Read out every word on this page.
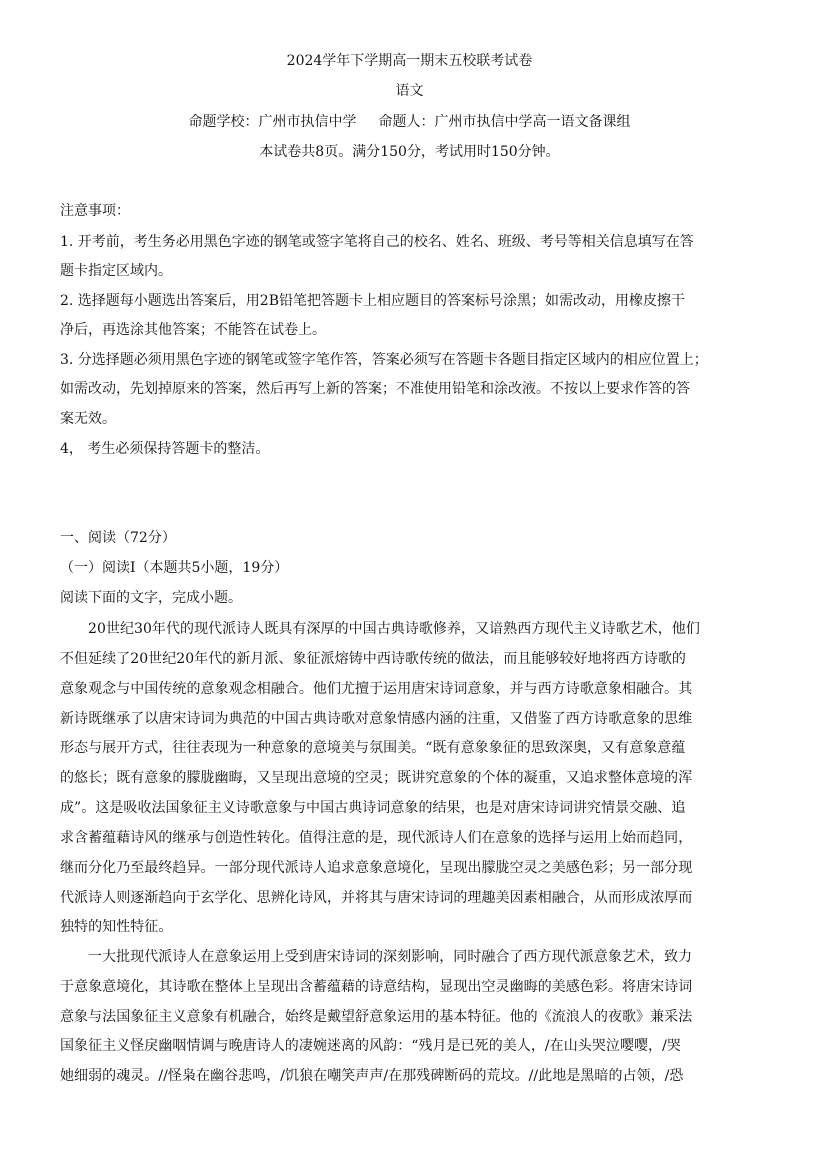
2024学年下学期高一期末五校联考试卷
语文
命题学校：广州市执信中学 命题人：广州市执信中学高一语文备课组
本试卷共8页。满分150分，考试用时150分钟。
注意事项：
1. 开考前，考生务必用黑色字迹的钢笔或签字笔将自己的校名、姓名、班级、考号等相关信息填写在答
题卡指定区域内。
2. 选择题每小题选出答案后，用2B铅笔把答题卡上相应题目的答案标号涂黑；如需改动，用橡皮擦干
净后，再选涂其他答案；不能答在试卷上。
3. 分选择题必须用黑色字迹的钢笔或签字笔作答，答案必须写在答题卡各题目指定区域内的相应位置上；
如需改动，先划掉原来的答案，然后再写上新的答案；不准使用铅笔和涂改液。不按以上要求作答的答
案无效。
4， 考生必须保持答题卡的整洁。
一、阅读（72分）
（一）阅读Ⅰ（本题共5小题，19分）
阅读下面的文字，完成小题。
20世纪30年代的现代派诗人既具有深厚的中国古典诗歌修养，又谙熟西方现代主义诗歌艺术，他们
不但延续了20世纪20年代的新月派、象征派熔铸中西诗歌传统的做法，而且能够较好地将西方诗歌的
意象观念与中国传统的意象观念相融合。他们尤擅于运用唐宋诗词意象，并与西方诗歌意象相融合。其
新诗既继承了以唐宋诗词为典范的中国古典诗歌对意象情感内涵的注重，又借鉴了西方诗歌意象的思维
形态与展开方式，往往表现为一种意象的意境美与氛围美。“既有意象象征的思致深奥，又有意象意蕴
的悠长；既有意象的朦胧幽晦，又呈现出意境的空灵；既讲究意象的个体的凝重，又追求整体意境的浑
成”。这是吸收法国象征主义诗歌意象与中国古典诗词意象的结果，也是对唐宋诗词讲究情景交融、追
求含蓄蕴藉诗风的继承与创造性转化。值得注意的是，现代派诗人们在意象的选择与运用上始而趋同，
继而分化乃至最终趋异。一部分现代派诗人追求意象意境化，呈现出朦胧空灵之美感色彩；另一部分现
代派诗人则逐渐趋向于玄学化、思辨化诗风，并将其与唐宋诗词的理趣美因素相融合，从而形成浓厚而
独特的知性特征。
一大批现代派诗人在意象运用上受到唐宋诗词的深刻影响，同时融合了西方现代派意象艺术，致力
于意象意境化，其诗歌在整体上呈现出含蓄蕴藉的诗意结构，显现出空灵幽晦的美感色彩。将唐宋诗词
意象与法国象征主义意象有机融合，始终是戴望舒意象运用的基本特征。他的《流浪人的夜歌》兼采法
国象征主义怪戾幽咽情调与晚唐诗人的凄婉迷离的风韵：“残月是已死的美人，/在山头哭泣嘤嘤，/哭
她细弱的魂灵。//怪枭在幽谷悲鸣，/饥狼在嘲笑声声/在那残碑断码的荒坟。//此地是黑暗的占领，/恐
